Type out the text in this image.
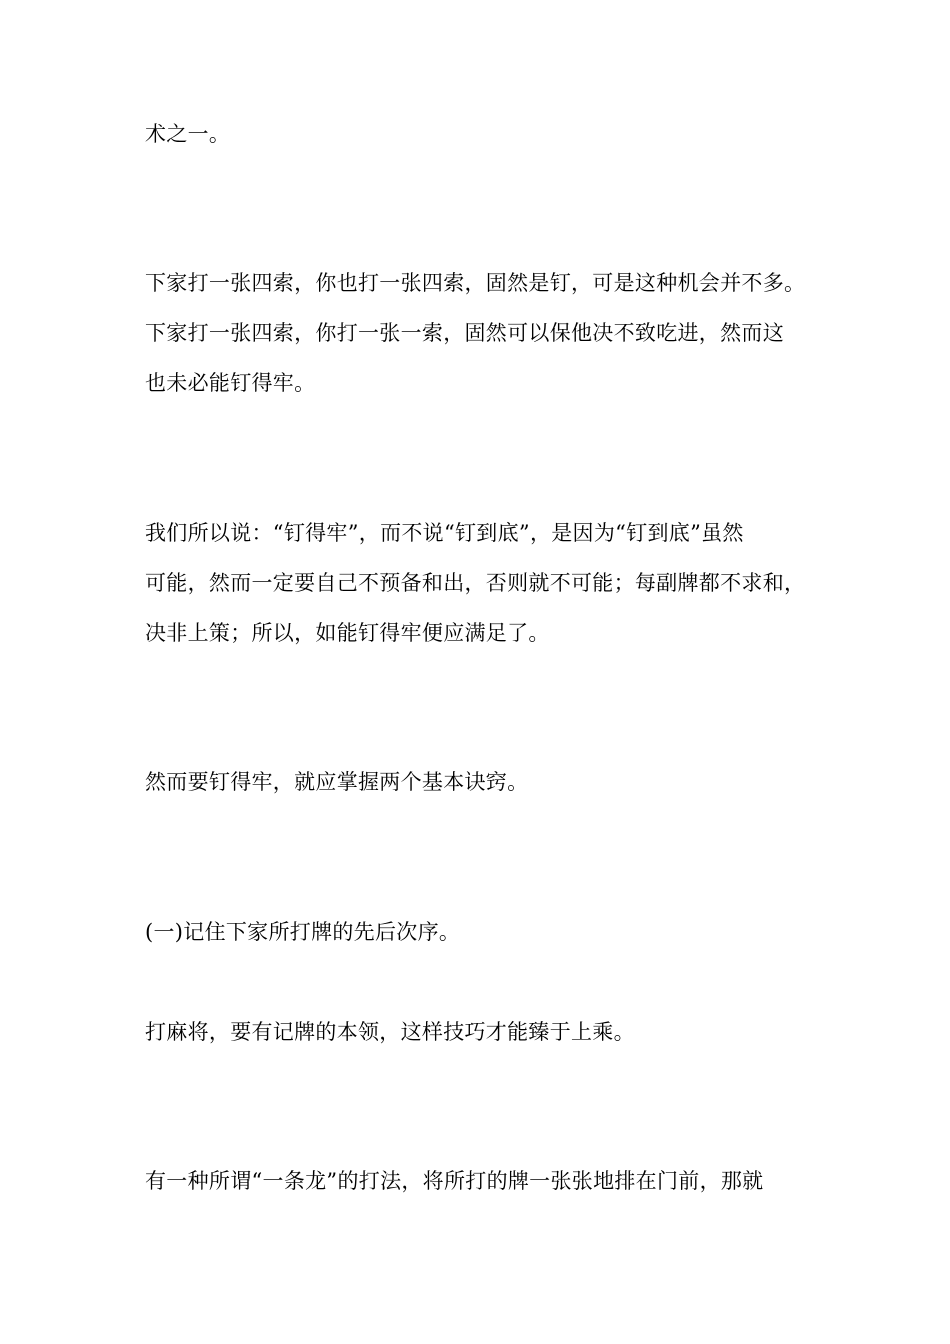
术之一。
下家打一张四索，你也打一张四索，固然是钉，可是这种机会并不多。
下家打一张四索，你打一张一索，固然可以保他决不致吃进，然而这
也未必能钉得牢。
我们所以说：“钉得牢”，而不说“钉到底”，是因为“钉到底”虽然
可能，然而一定要自己不预备和出，否则就不可能；每副牌都不求和，
决非上策；所以，如能钉得牢便应满足了。
然而要钉得牢，就应掌握两个基本诀窍。
(一)记住下家所打牌的先后次序。
打麻将，要有记牌的本领，这样技巧才能臻于上乘。
有一种所谓“一条龙”的打法，将所打的牌一张张地排在门前，那就
